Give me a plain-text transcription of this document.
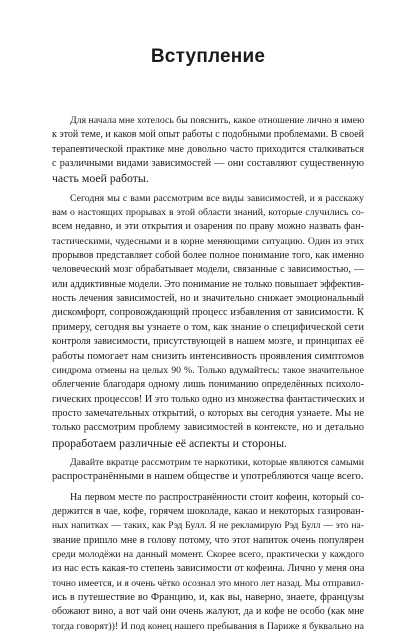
Вступление

Для начала мне хотелось бы пояснить, какое отношение лично я имею
к этой теме, и каков мой опыт работы с подобными проблемами. В своей
терапевтической практике мне довольно часто приходится сталкиваться
с различными видами зависимостей — они составляют существенную
часть моей работы.

Сегодня мы с вами рассмотрим все виды зависимостей, и я расскажу
вам о настоящих прорывах в этой области знаний, которые случились со-
всем недавно, и эти открытия и озарения по праву можно назвать фан-
тастическими, чудесными и в корне меняющими ситуацию. Один из этих
прорывов представляет собой более полное понимание того, как именно
человеческий мозг обрабатывает модели, связанные с зависимостью, —
или аддиктивные модели. Это понимание не только повышает эффектив-
ность лечения зависимостей, но и значительно снижает эмоциональный
дискомфорт, сопровождающий процесс избавления от зависимости. К
примеру, сегодня вы узнаете о том, как знание о специфической сети
контроля зависимости, присутствующей в нашем мозге, и принципах её
работы помогает нам снизить интенсивность проявления симптомов
синдрома отмены на целых 90 %. Только вдумайтесь: такое значительное
облегчение благодаря одному лишь пониманию определённых психоло-
гических процессов! И это только одно из множества фантастических и
просто замечательных открытий, о которых вы сегодня узнаете. Мы не
только рассмотрим проблему зависимостей в контексте, но и детально
проработаем различные её аспекты и стороны.

Давайте вкратце рассмотрим те наркотики, которые являются самыми
распространёнными в нашем обществе и употребляются чаще всего.

На первом месте по распространённости стоит кофеин, который со-
держится в чае, кофе, горячем шоколаде, какао и некоторых газирован-
ных напитках — таких, как Рэд Булл. Я не рекламирую Рэд Булл — это на-
звание пришло мне в голову потому, что этот напиток очень популярен
среди молодёжи на данный момент. Скорее всего, практически у каждого
из нас есть какая-то степень зависимости от кофеина. Лично у меня она
точно имеется, и я очень чётко осознал это много лет назад. Мы отправил-
ись в путешествие во Францию, и, как вы, наверно, знаете, французы
обожают вино, а вот чай они очень жалуют, да и кофе не особо (как мне
тогда говорят))! И под конец нашего пребывания в Париже я буквально на
